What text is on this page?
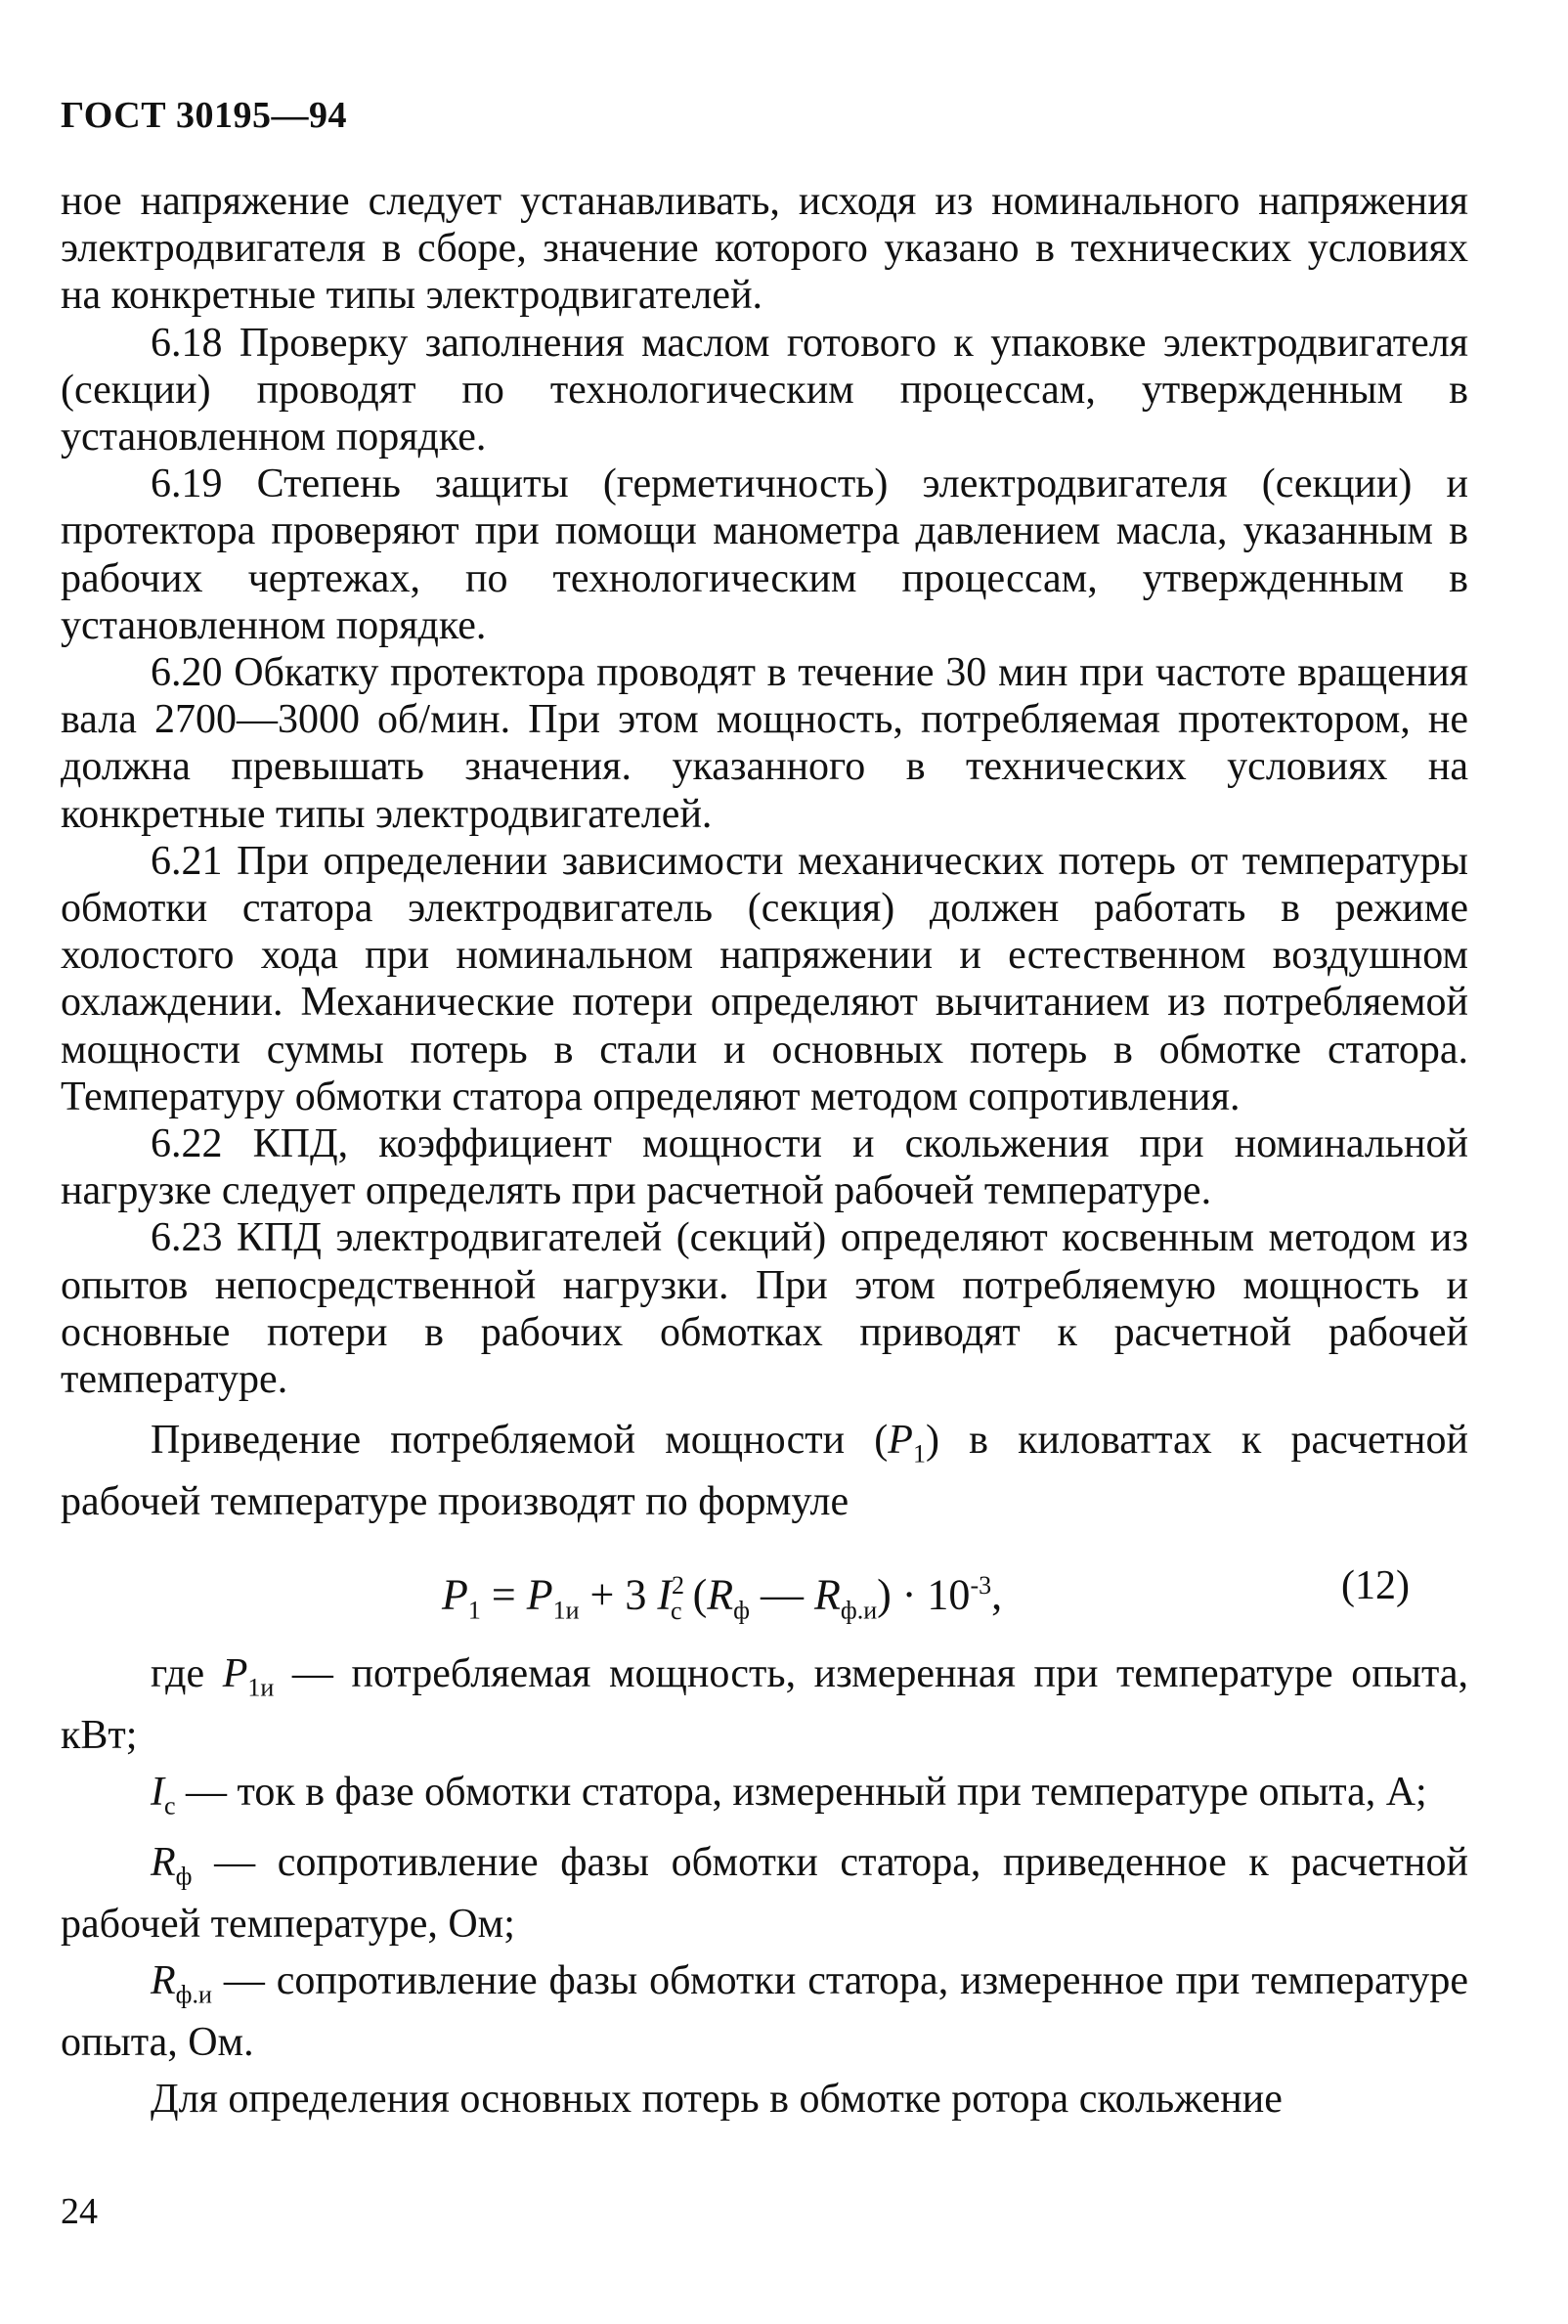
ГОСТ 30195—94

ное напряжение следует устанавливать, исходя из номинального напряжения электродвигателя в сборе, значение которого указано в технических условиях на конкретные типы электродвигателей.

6.18 Проверку заполнения маслом готового к упаковке электродвигателя (секции) проводят по технологическим процессам, утвержденным в установленном порядке.

6.19 Степень защиты (герметичность) электродвигателя (секции) и протектора проверяют при помощи манометра давлением масла, указанным в рабочих чертежах, по технологическим процессам, утвержденным в установленном порядке.

6.20 Обкатку протектора проводят в течение 30 мин при частоте вращения вала 2700—3000 об/мин. При этом мощность, потребляемая протектором, не должна превышать значения. указанного в технических условиях на конкретные типы электродвигателей.

6.21 При определении зависимости механических потерь от температуры обмотки статора электродвигатель (секция) должен работать в режиме холостого хода при номинальном напряжении и естественном воздушном охлаждении. Механические потери определяют вычитанием из потребляемой мощности суммы потерь в стали и основных потерь в обмотке статора. Температуру обмотки статора определяют методом сопротивления.

6.22 КПД, коэффициент мощности и скольжения при номинальной нагрузке следует определять при расчетной рабочей температуре.

6.23 КПД электродвигателей (секций) определяют косвенным методом из опытов непосредственной нагрузки. При этом потребляемую мощность и основные потери в рабочих обмотках приводят к расчетной рабочей температуре.

Приведение потребляемой мощности $(P_1)$ в киловаттах к расчетной рабочей температуре производят по формуле

$P_1 = P_{1и} + 3$ $I^2_с$ ($R_ф$ — $R_{ф.и}) \cdot 10^{-3}$,	(12)

где $P_{1и}$ — потребляемая мощность, измеренная при температуре опыта, кВт;

$I_с$ — ток в фазе обмотки статора, измеренный при температуре опыта, А;

$R_ф$ — сопротивление фазы обмотки статора, приведенное к расчетной рабочей температуре, Ом;

$R_{ф.и}$ — сопротивление фазы обмотки статора, измеренное при температуре опыта, Ом.

Для определения основных потерь в обмотке ротора скольжение

24
